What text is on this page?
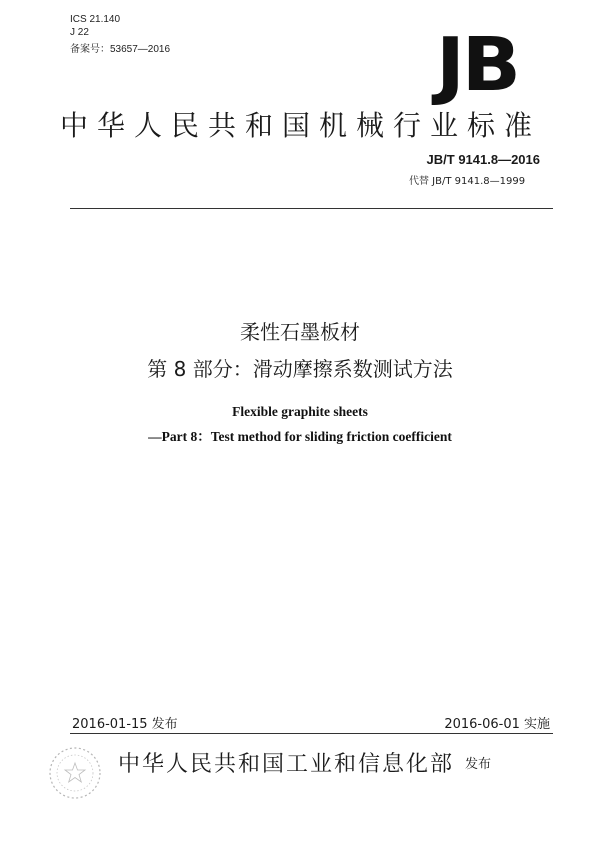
ICS 21.140
J 22
备案号：53657—2016	JB
中华人民共和国机械行业标准
JB/T 9141.8—2016
代替 JB/T 9141.8—1999
柔性石墨板材
第 8 部分：滑动摩擦系数测试方法
Flexible graphite sheets
—Part 8：Test method for sliding friction coefficient
2016-01-15 发布	2016-06-01 实施
中华人民共和国工业和信息化部 发布
